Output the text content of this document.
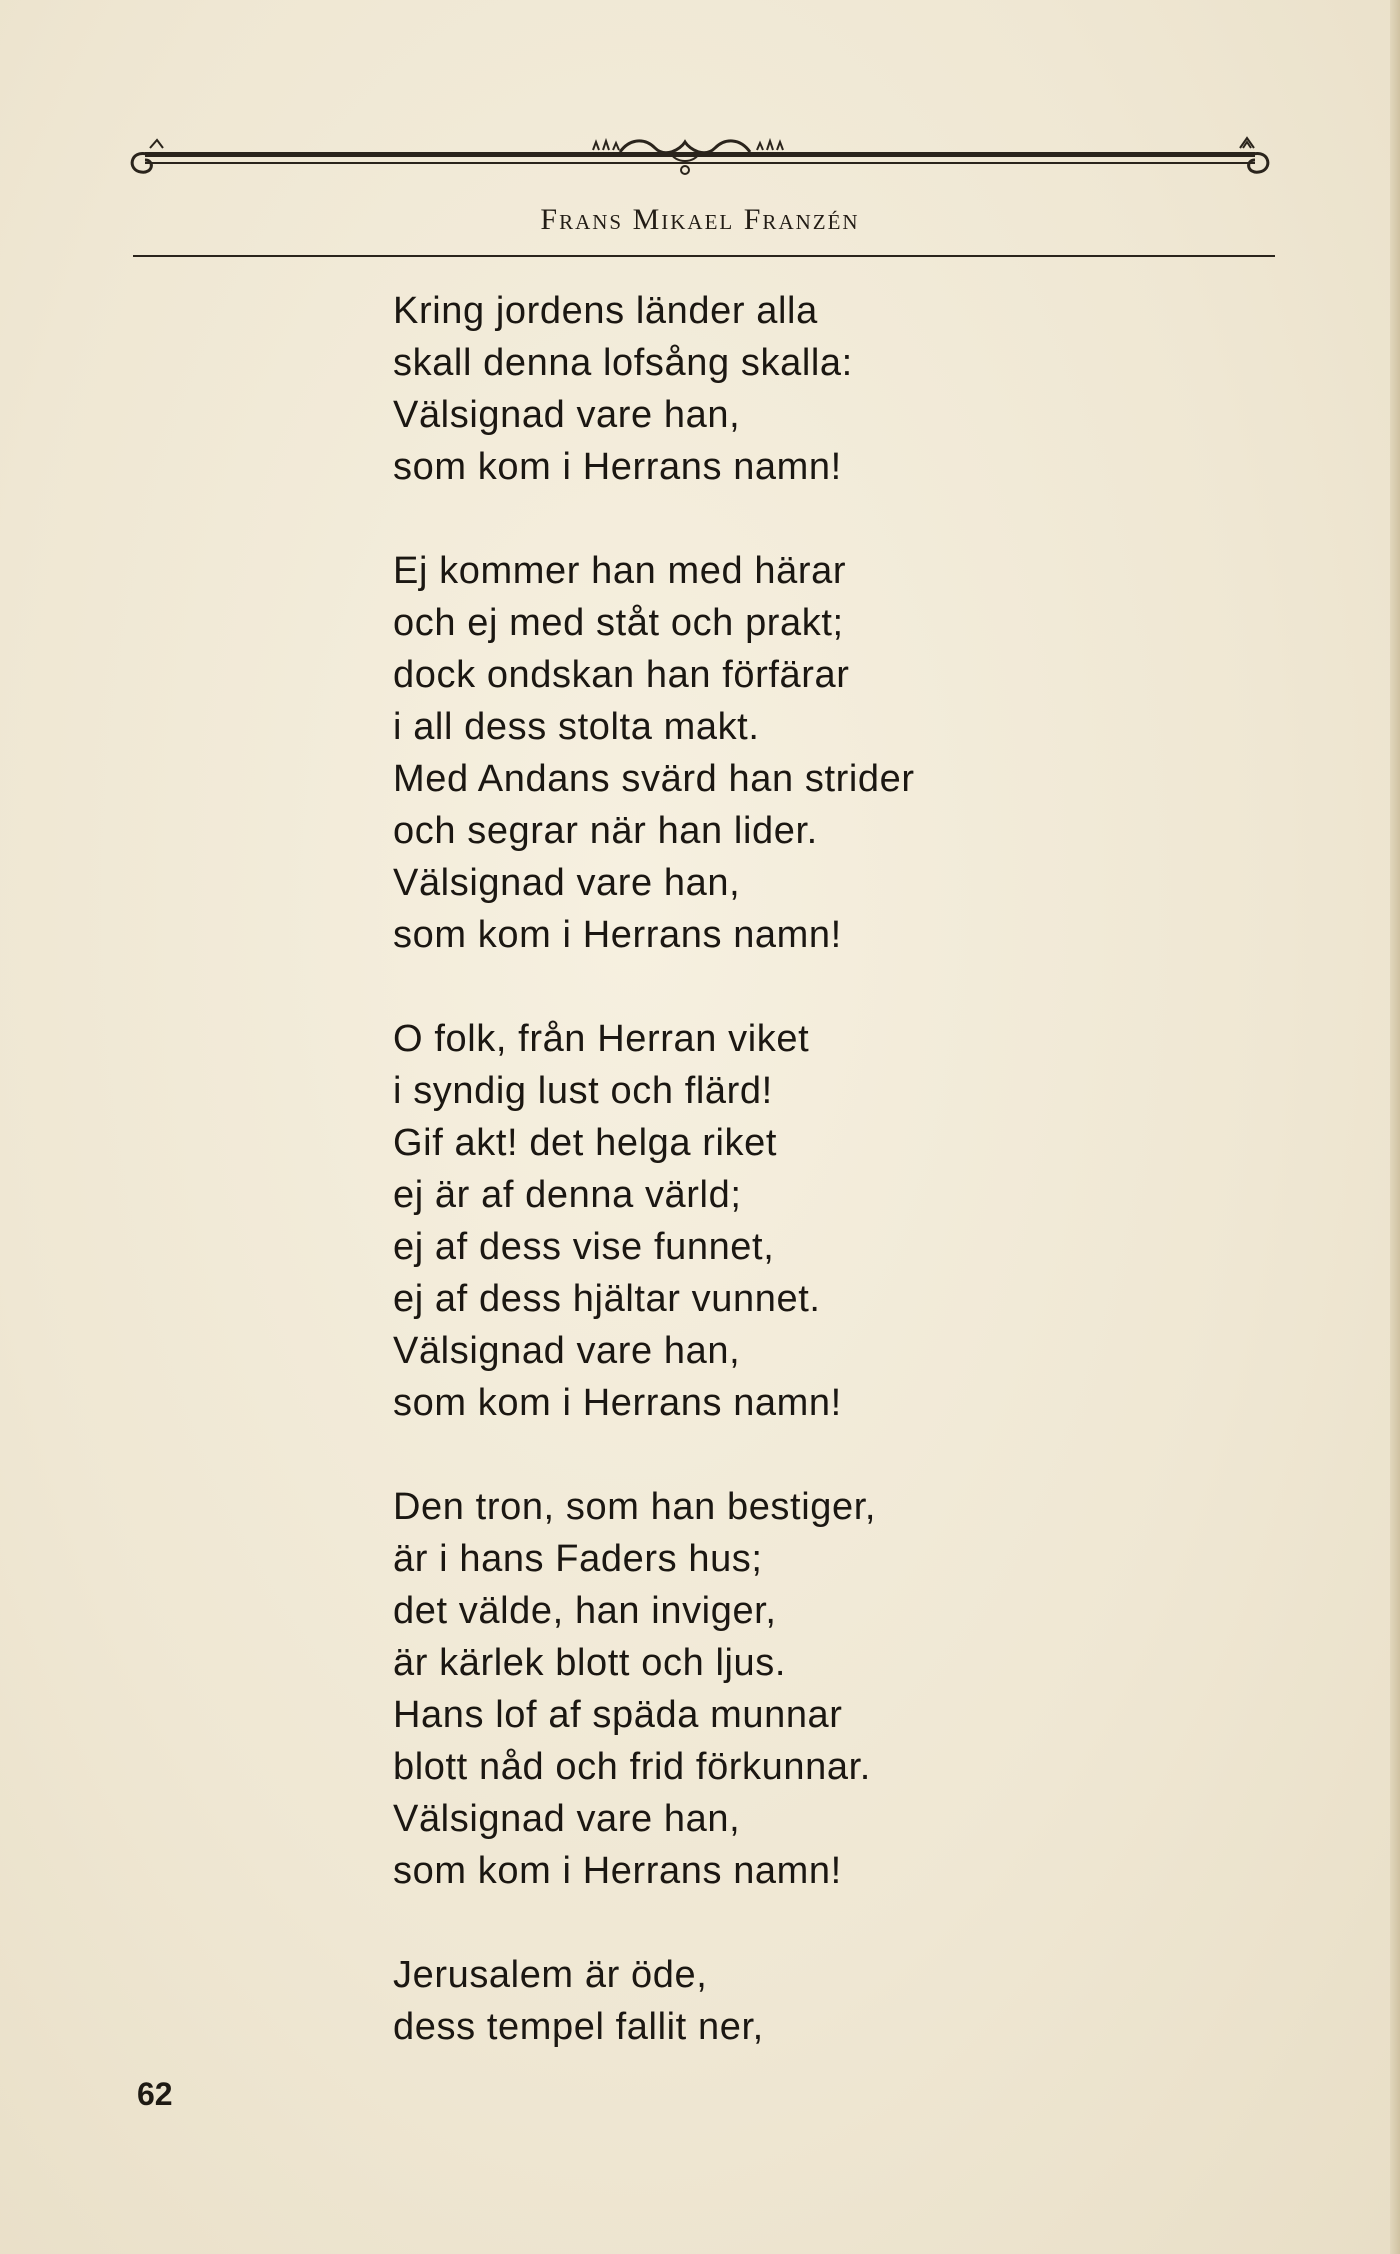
Frans Mikael Franzén
Kring jordens länder alla
skall denna lofsång skalla:
Välsignad vare han,
som kom i Herrans namn!
Ej kommer han med härar
och ej med ståt och prakt;
dock ondskan han förfärar
i all dess stolta makt.
Med Andans svärd han strider
och segrar när han lider.
Välsignad vare han,
som kom i Herrans namn!
O folk, från Herran viket
i syndig lust och flärd!
Gif akt! det helga riket
ej är af denna värld;
ej af dess vise funnet,
ej af dess hjältar vunnet.
Välsignad vare han,
som kom i Herrans namn!
Den tron, som han bestiger,
är i hans Faders hus;
det välde, han inviger,
är kärlek blott och ljus.
Hans lof af späda munnar
blott nåd och frid förkunnar.
Välsignad vare han,
som kom i Herrans namn!
Jerusalem är öde,
dess tempel fallit ner,
62
